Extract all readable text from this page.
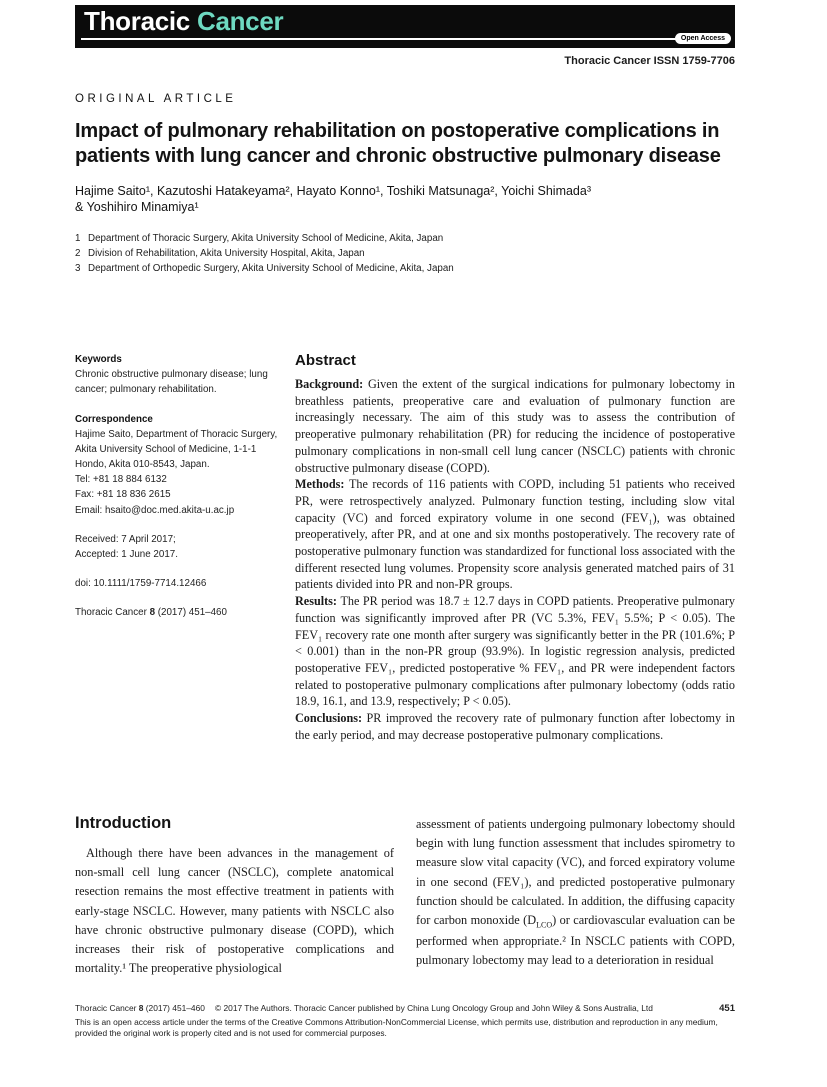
Thoracic Cancer
Open Access
Thoracic Cancer ISSN 1759-7706
ORIGINAL ARTICLE
Impact of pulmonary rehabilitation on postoperative complications in patients with lung cancer and chronic obstructive pulmonary disease
Hajime Saito¹, Kazutoshi Hatakeyama², Hayato Konno¹, Toshiki Matsunaga², Yoichi Shimada³
& Yoshihiro Minamiya¹
1 Department of Thoracic Surgery, Akita University School of Medicine, Akita, Japan
2 Division of Rehabilitation, Akita University Hospital, Akita, Japan
3 Department of Orthopedic Surgery, Akita University School of Medicine, Akita, Japan
Keywords
Chronic obstructive pulmonary disease; lung cancer; pulmonary rehabilitation.
Correspondence
Hajime Saito, Department of Thoracic Surgery, Akita University School of Medicine, 1-1-1 Hondo, Akita 010-8543, Japan.
Tel: +81 18 884 6132
Fax: +81 18 836 2615
Email: hsaito@doc.med.akita-u.ac.jp
Received: 7 April 2017;
Accepted: 1 June 2017.
doi: 10.1111/1759-7714.12466
Thoracic Cancer 8 (2017) 451–460
Abstract

Background: Given the extent of the surgical indications for pulmonary lobectomy in breathless patients, preoperative care and evaluation of pulmonary function are increasingly necessary. The aim of this study was to assess the contribution of preoperative pulmonary rehabilitation (PR) for reducing the incidence of postoperative pulmonary complications in non-small cell lung cancer (NSCLC) patients with chronic obstructive pulmonary disease (COPD).

Methods: The records of 116 patients with COPD, including 51 patients who received PR, were retrospectively analyzed. Pulmonary function testing, including slow vital capacity (VC) and forced expiratory volume in one second (FEV₁), was obtained preoperatively, after PR, and at one and six months postoperatively. The recovery rate of postoperative pulmonary function was standardized for functional loss associated with the different resected lung volumes. Propensity score analysis generated matched pairs of 31 patients divided into PR and non-PR groups.

Results: The PR period was 18.7 ± 12.7 days in COPD patients. Preoperative pulmonary function was significantly improved after PR (VC 5.3%, FEV₁ 5.5%; P < 0.05). The FEV₁ recovery rate one month after surgery was significantly better in the PR (101.6%; P < 0.001) than in the non-PR group (93.9%). In logistic regression analysis, predicted postoperative FEV₁, predicted postoperative % FEV₁, and PR were independent factors related to postoperative pulmonary complications after pulmonary lobectomy (odds ratio 18.9, 16.1, and 13.9, respectively; P < 0.05).

Conclusions: PR improved the recovery rate of pulmonary function after lobectomy in the early period, and may decrease postoperative pulmonary complications.

Introduction

Although there have been advances in the management of non-small cell lung cancer (NSCLC), complete anatomical resection remains the most effective treatment in patients with early-stage NSCLC. However, many patients with NSCLC also have chronic obstructive pulmonary disease (COPD), which increases their risk of postoperative complications and mortality.¹ The preoperative physiological

assessment of patients undergoing pulmonary lobectomy should begin with lung function assessment that includes spirometry to measure slow vital capacity (VC), and forced expiratory volume in one second (FEV₁), and predicted postoperative pulmonary function should be calculated. In addition, the diffusing capacity for carbon monoxide $(D_{LCO})$ or cardiovascular evaluation can be performed when appropriate.² In NSCLC patients with COPD, pulmonary lobectomy may lead to a deterioration in residual

Thoracic Cancer 8 (2017) 451–460	© 2017 The Authors. Thoracic Cancer published by China Lung Oncology Group and John Wiley & Sons Australia, Ltd	451
This is an open access article under the terms of the Creative Commons Attribution-NonCommercial License, which permits use, distribution and reproduction in any medium, provided the original work is properly cited and is not used for commercial purposes.
